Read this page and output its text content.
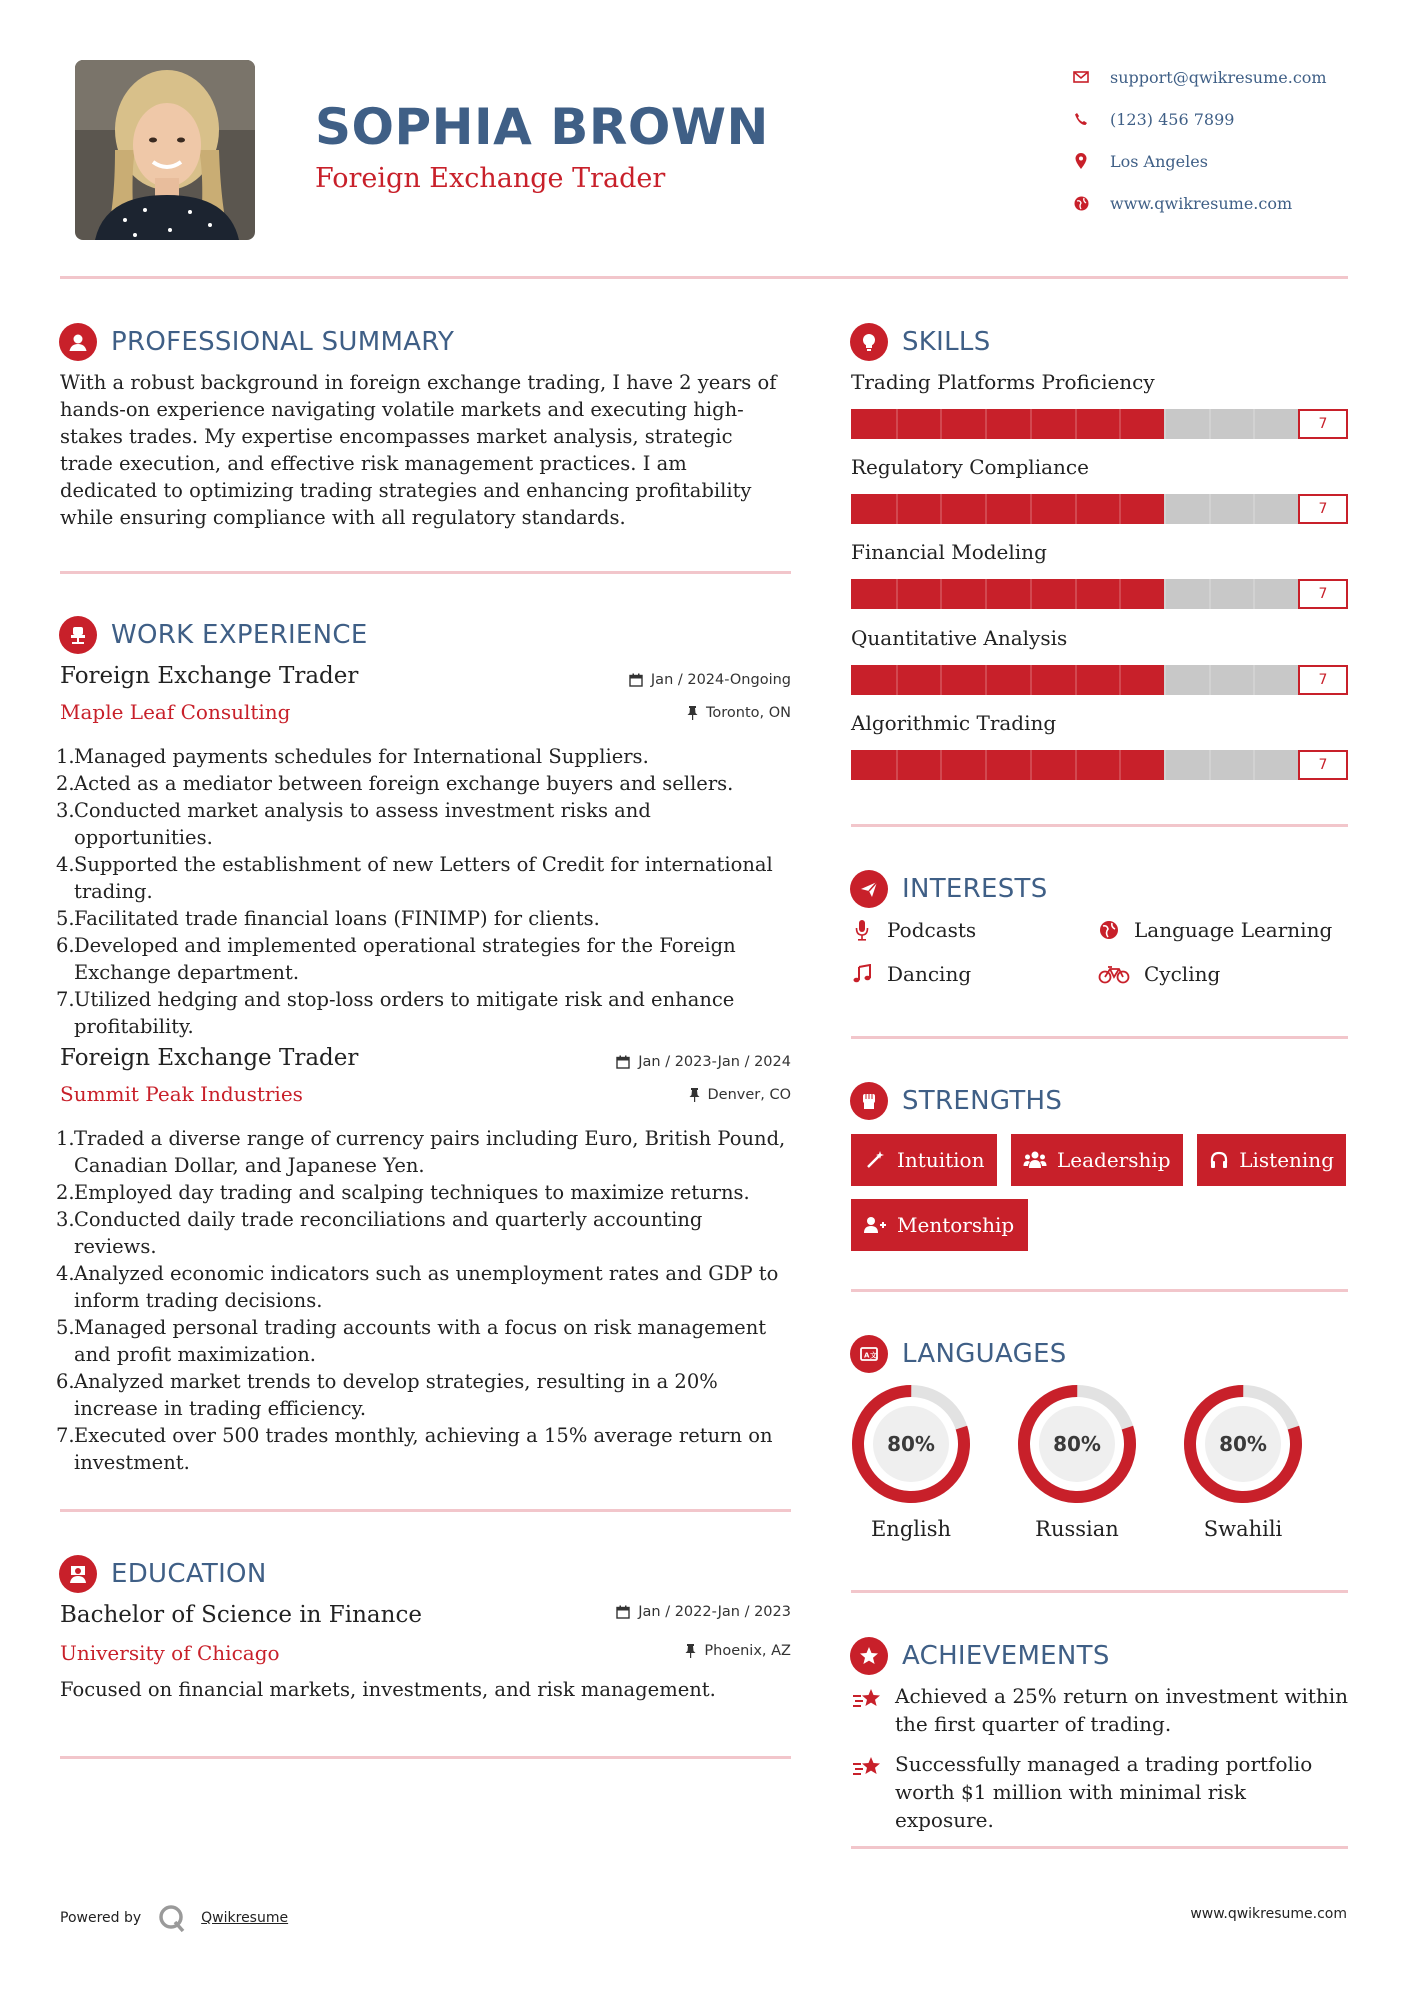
SOPHIA BROWN
Foreign Exchange Trader
support@qwikresume.com
(123) 456 7899
Los Angeles
www.qwikresume.com
PROFESSIONAL SUMMARY
With a robust background in foreign exchange trading, I have 2 years of hands-on experience navigating volatile markets and executing high-stakes trades. My expertise encompasses market analysis, strategic trade execution, and effective risk management practices. I am dedicated to optimizing trading strategies and enhancing profitability while ensuring compliance with all regulatory standards.
WORK EXPERIENCE
Foreign Exchange Trader
Maple Leaf Consulting
Jan / 2024-Ongoing
Toronto, ON
1. Managed payments schedules for International Suppliers.
2. Acted as a mediator between foreign exchange buyers and sellers.
3. Conducted market analysis to assess investment risks and opportunities.
4. Supported the establishment of new Letters of Credit for international trading.
5. Facilitated trade financial loans (FINIMP) for clients.
6. Developed and implemented operational strategies for the Foreign Exchange department.
7. Utilized hedging and stop-loss orders to mitigate risk and enhance profitability.
Foreign Exchange Trader
Summit Peak Industries
Jan / 2023-Jan / 2024
Denver, CO
1. Traded a diverse range of currency pairs including Euro, British Pound, Canadian Dollar, and Japanese Yen.
2. Employed day trading and scalping techniques to maximize returns.
3. Conducted daily trade reconciliations and quarterly accounting reviews.
4. Analyzed economic indicators such as unemployment rates and GDP to inform trading decisions.
5. Managed personal trading accounts with a focus on risk management and profit maximization.
6. Analyzed market trends to develop strategies, resulting in a 20% increase in trading efficiency.
7. Executed over 500 trades monthly, achieving a 15% average return on investment.
EDUCATION
Bachelor of Science in Finance
University of Chicago
Jan / 2022-Jan / 2023
Phoenix, AZ
Focused on financial markets, investments, and risk management.
SKILLS
Trading Platforms Proficiency
7
Regulatory Compliance
7
Financial Modeling
7
Quantitative Analysis
7
Algorithmic Trading
7
INTERESTS
Podcasts	Language Learning
Dancing	Cycling
STRENGTHS
Intuition	Leadership	Listening
Mentorship
A 文 LANGUAGES
80%
English
80%
Russian
80%
Swahili
ACHIEVEMENTS
Achieved a 25% return on investment within the first quarter of trading.
Successfully managed a trading portfolio worth $1 million with minimal risk exposure.
Powered by	Qwikresume	www.qwikresume.com
